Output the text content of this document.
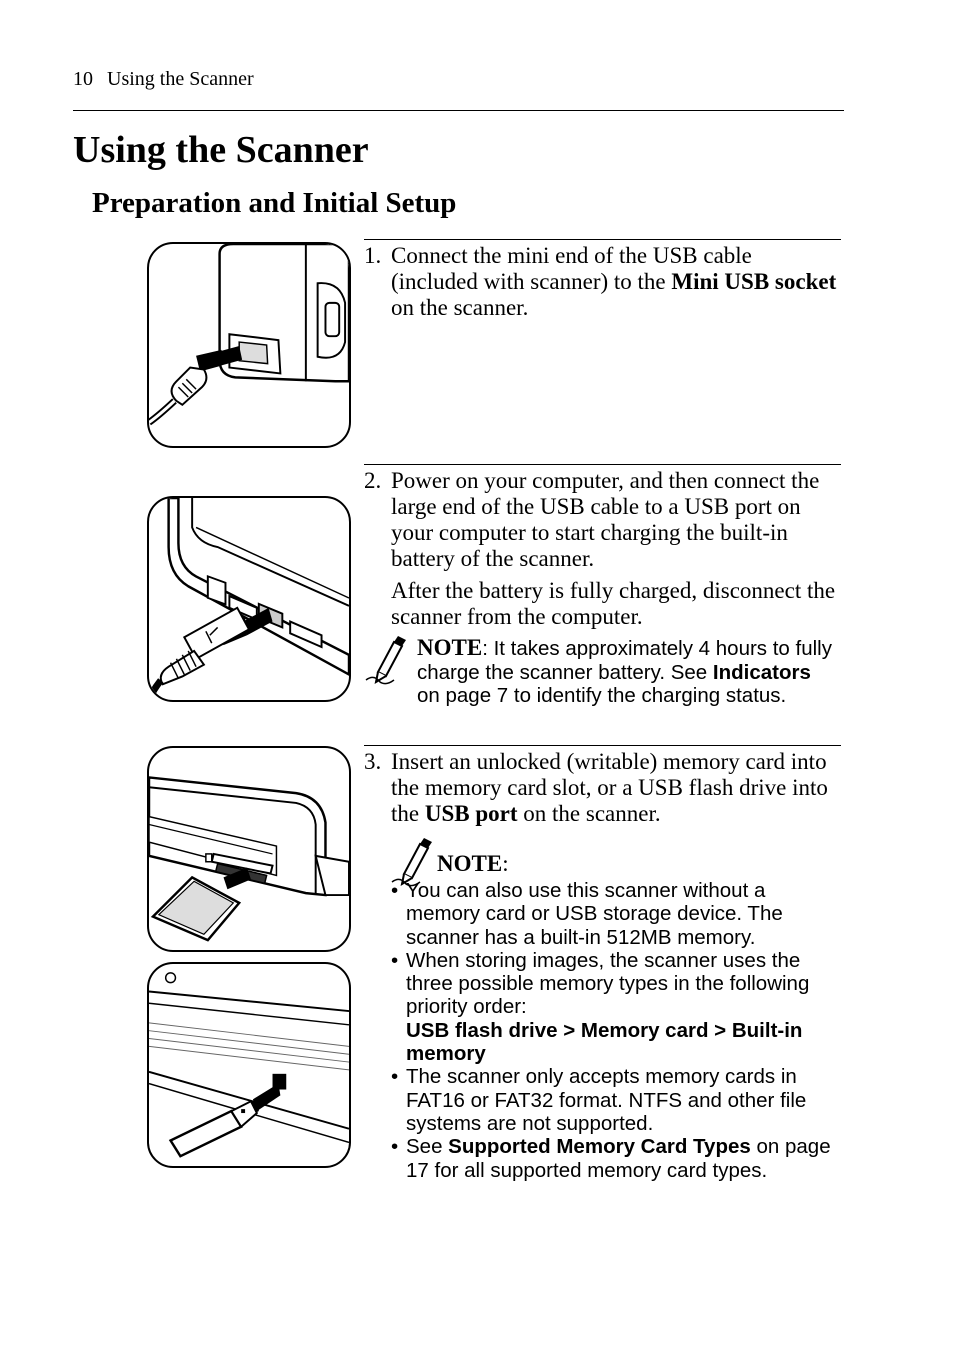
10 Using the Scanner
Using the Scanner
Preparation and Initial Setup
1. Connect the mini end of the USB cable (included with scanner) to the Mini USB socket on the scanner.
2. Power on your computer, and then connect the large end of the USB cable to a USB port on your computer to start charging the built-in battery of the scanner.
After the battery is fully charged, disconnect the scanner from the computer.
NOTE: It takes approximately 4 hours to fully charge the scanner battery. See Indicators on page 7 to identify the charging status.
3. Insert an unlocked (writable) memory card into the memory card slot, or a USB flash drive into the USB port on the scanner.
NOTE:
• You can also use this scanner without a memory card or USB storage device. The scanner has a built-in 512MB memory.
• When storing images, the scanner uses the three possible memory types in the following priority order:
USB flash drive > Memory card > Built-in memory
• The scanner only accepts memory cards in FAT16 or FAT32 format. NTFS and other file systems are not supported.
• See Supported Memory Card Types on page 17 for all supported memory card types.
